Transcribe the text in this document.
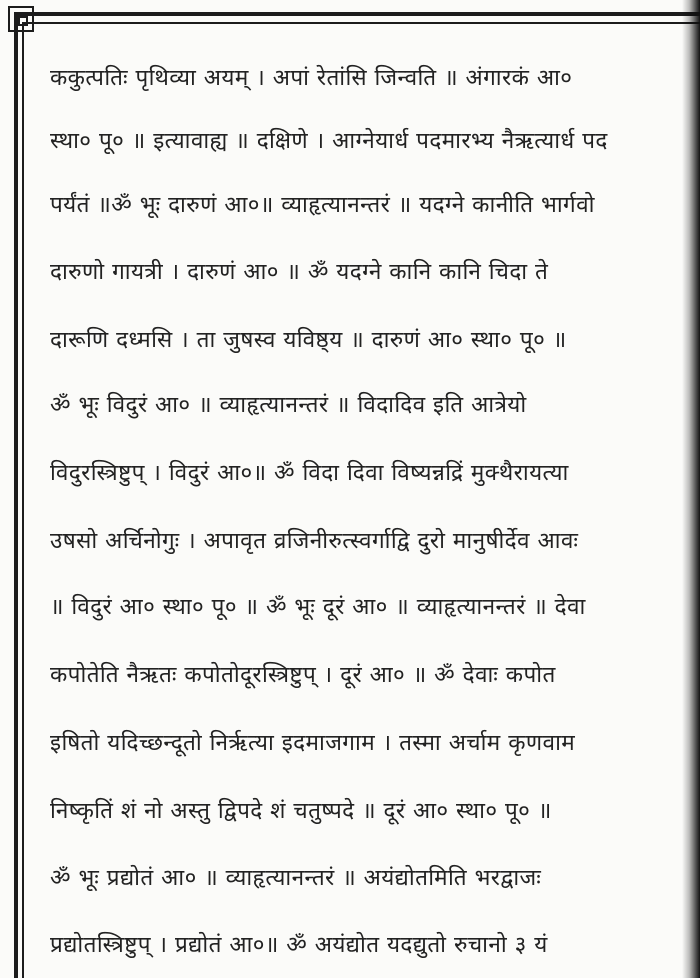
ककुत्पतिः पृथिव्या अयम् । अपां रेतांसि जिन्वति ॥ अंगारकं आ०
स्था० पू० ॥ इत्यावाह्य ॥ दक्षिणे । आग्नेयार्ध पदमारभ्य नैऋत्यार्ध पद
पर्यंतं ॥ॐ भूः दारुणं आ०॥ व्याहृत्यानन्तरं ॥ यदग्ने कानीति भार्गवो
दारुणो गायत्री । दारुणं आ० ॥ ॐ यदग्ने कानि कानि चिदा ते
दारूणि दध्मसि । ता जुषस्व यविष्ठ्य ॥ दारुणं आ० स्था० पू० ॥
ॐ भूः विदुरं आ० ॥ व्याहृत्यानन्तरं ॥ विदादिव इति आत्रेयो
विदुरस्त्रिष्टुप् । विदुरं आ०॥ ॐ विदा दिवा विष्यन्नद्रिं मुक्थैरायत्या
उषसो अर्चिनोगुः । अपावृत व्रजिनीरुत्स्वर्गाद्वि दुरो मानुषीर्देव आवः
॥ विदुरं आ० स्था० पू० ॥ ॐ भूः दूरं आ० ॥ व्याहृत्यानन्तरं ॥ देवा
कपोतेति नैऋतः कपोतोदूरस्त्रिष्टुप् । दूरं आ० ॥ ॐ देवाः कपोत
इषितो यदिच्छन्दूतो निर्ऋत्या इदमाजगाम । तस्मा अर्चाम कृणवाम
निष्कृतिं शं नो अस्तु द्विपदे शं चतुष्पदे ॥ दूरं आ० स्था० पू० ॥
ॐ भूः प्रद्योतं आ० ॥ व्याहृत्यानन्तरं ॥ अयंद्योतमिति भरद्वाजः
प्रद्योतस्त्रिष्टुप् । प्रद्योतं आ०॥ ॐ अयंद्योत यदद्युतो रुचानो ३ यं
